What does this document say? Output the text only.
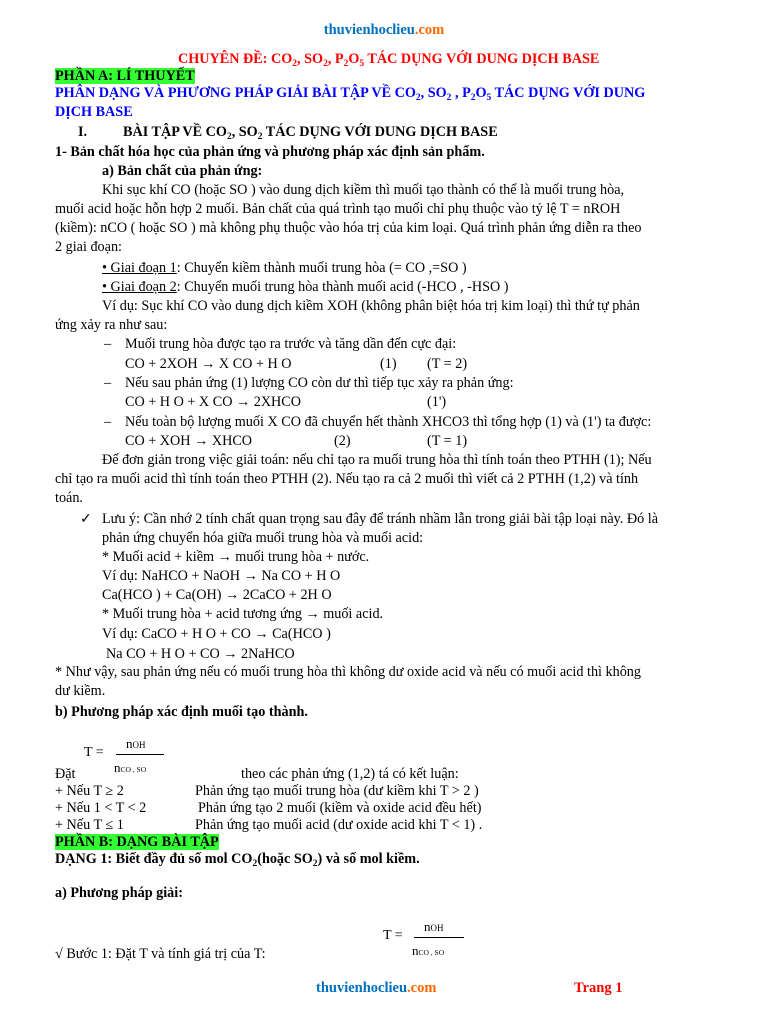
thuvienhoclieu.com
CHUYÊN ĐỀ: $CO_2$, $SO_2$, $P_2O_5$ TÁC DỤNG VỚI DUNG DỊCH BASE
PHẦN A: LÍ THUYẾT
PHÂN DẠNG VÀ PHƯƠNG PHÁP GIẢI BÀI TẬP VỀ $CO_2$, $SO_2$ , $P_2O_5$ TÁC DỤNG VỚI DUNG
DỊCH BASE
I.	BÀI TẬP VỀ $CO_2$, $SO_2$ TÁC DỤNG VỚI DUNG DỊCH BASE
1- Bản chất hóa học của phản ứng và phương pháp xác định sản phẩm.
a) Bản chất của phản ứng:
Khi sục khí CO (hoặc SO ) vào dung dịch kiềm thì muối tạo thành có thể là muối trung hòa,
muối acid hoặc hỗn hợp 2 muối. Bản chất của quá trình tạo muối chỉ phụ thuộc vào tỷ lệ T = nROH
(kiềm): nCO ( hoặc SO ) mà không phụ thuộc vào hóa trị của kim loại. Quá trình phản ứng diễn ra theo
2 giai đoạn:
• Giai đoạn 1: Chuyển kiềm thành muối trung hòa (= CO ,=SO )
• Giai đoạn 2: Chuyển muối trung hòa thành muối acid (-HCO , -HSO )
Ví dụ: Sục khí CO vào dung dịch kiềm XOH (không phân biệt hóa trị kim loại) thì thứ tự phản
ứng xảy ra như sau:
– Muối trung hòa được tạo ra trước và tăng dần đến cực đại:
CO + 2XOH → X CO + H O	(1) (T = 2)
– Nếu sau phản ứng (1) lượng CO còn dư thì tiếp tục xảy ra phản ứng:
CO + H O + X CO → 2XHCO	(1')
– Nếu toàn bộ lượng muối X CO đã chuyển hết thành XHCO3 thì tổng hợp (1) và (1') ta được:
CO + XOH → XHCO	(2)	(T = 1)
Để đơn giản trong việc giải toán: nếu chỉ tạo ra muối trung hòa thì tính toán theo PTHH (1); Nếu
chỉ tạo ra muối acid thì tính toán theo PTHH (2). Nếu tạo ra cả 2 muối thì viết cả 2 PTHH (1,2) và tính
toán.
✓ Lưu ý: Cần nhớ 2 tính chất quan trọng sau đây để tránh nhầm lẫn trong giải bài tập loại này. Đó là
phản ứng chuyển hóa giữa muối trung hòa và muối acid:
* Muối acid + kiềm → muối trung hòa + nước.
Ví dụ: NaHCO + NaOH → Na CO + H O
Ca(HCO ) + Ca(OH) → 2CaCO + 2H O
* Muối trung hòa + acid tương ứng → muối acid.
Ví dụ: CaCO + H O + CO → Ca(HCO )
Na CO + H O + CO → 2NaHCO
* Như vậy, sau phản ứng nếu có muối trung hòa thì không dư oxide acid và nếu có muối acid thì không
dư kiềm.
b) Phương pháp xác định muối tạo thành.
T =
nOH
nCO , SO
Đặt	theo các phản ứng (1,2) tá có kết luận:
+ Nếu T ≥ 2	Phản ứng tạo muối trung hòa (dư kiềm khi T > 2 )
+ Nếu 1 < T < 2	Phản ứng tạo 2 muối (kiềm và oxide acid đều hết)
+ Nếu T ≤ 1	Phản ứng tạo muối acid (dư oxide acid khi T < 1) .
PHẦN B: DẠNG BÀI TẬP
DẠNG 1: Biết đầy đủ số mol $CO_2(hoặc$ $SO_2$) và số mol kiềm.
a) Phương pháp giải:
T =
nOH
nCO , SO
√ Bước 1: Đặt T và tính giá trị của T:
thuvienhoclieu.com	Trang 1
